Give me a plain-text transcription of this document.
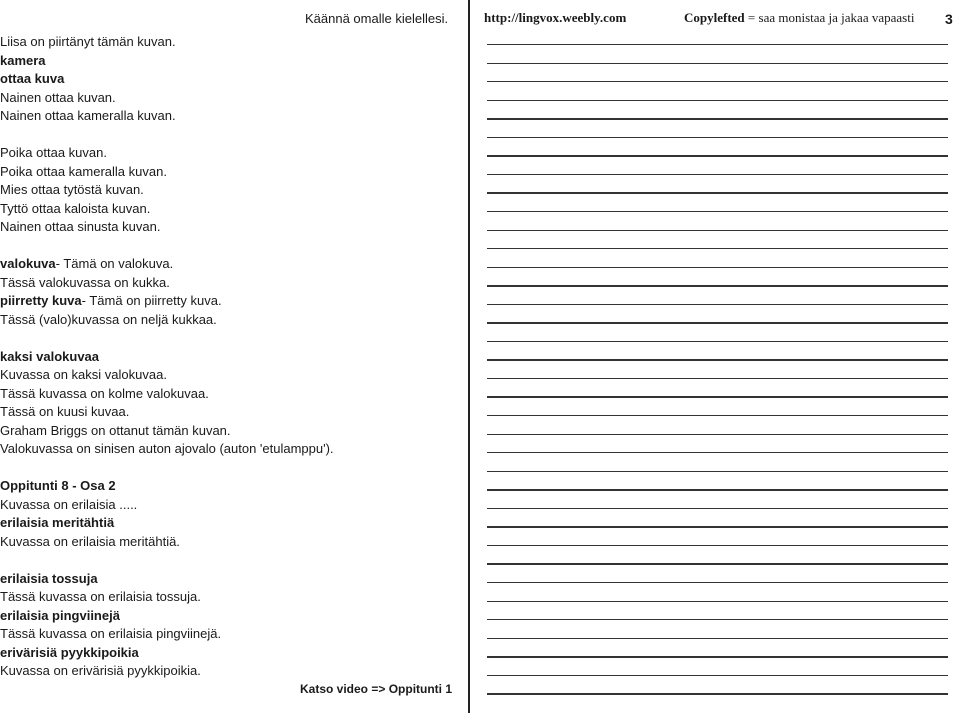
Käännä omalle kielellesi.	http://lingvox.weebly.com	Copylefted = saa monistaa ja jakaa vapaasti 3
Liisa on piirtänyt tämän kuvan.
kamera
ottaa kuva
Nainen ottaa kuvan.
Nainen ottaa kameralla kuvan.
Poika ottaa kuvan.
Poika ottaa kameralla kuvan.
Mies ottaa tytöstä kuvan.
Tyttö ottaa kaloista kuvan.
Nainen ottaa sinusta kuvan.
valokuva- Tämä on valokuva.
Tässä valokuvassa on kukka.
piirretty kuva- Tämä on piirretty kuva.
Tässä (valo)kuvassa on neljä kukkaa.
kaksi valokuvaa
Kuvassa on kaksi valokuvaa.
Tässä kuvassa on kolme valokuvaa.
Tässä on kuusi kuvaa.
Graham Briggs on ottanut tämän kuvan.
Valokuvassa on sinisen auton ajovalo (auton 'etulamppu').
Oppitunti 8 - Osa 2
Kuvassa on erilaisia .....
erilaisia meritähtiä
Kuvassa on erilaisia meritähtiä.
erilaisia tossuja
Tässä kuvassa on erilaisia tossuja.
erilaisia pingviinejä
Tässä kuvassa on erilaisia pingviinejä.
erivärisiä pyykkipoikia
Kuvassa on erivärisiä pyykkipoikia.
Katso video => Oppitunti 1
